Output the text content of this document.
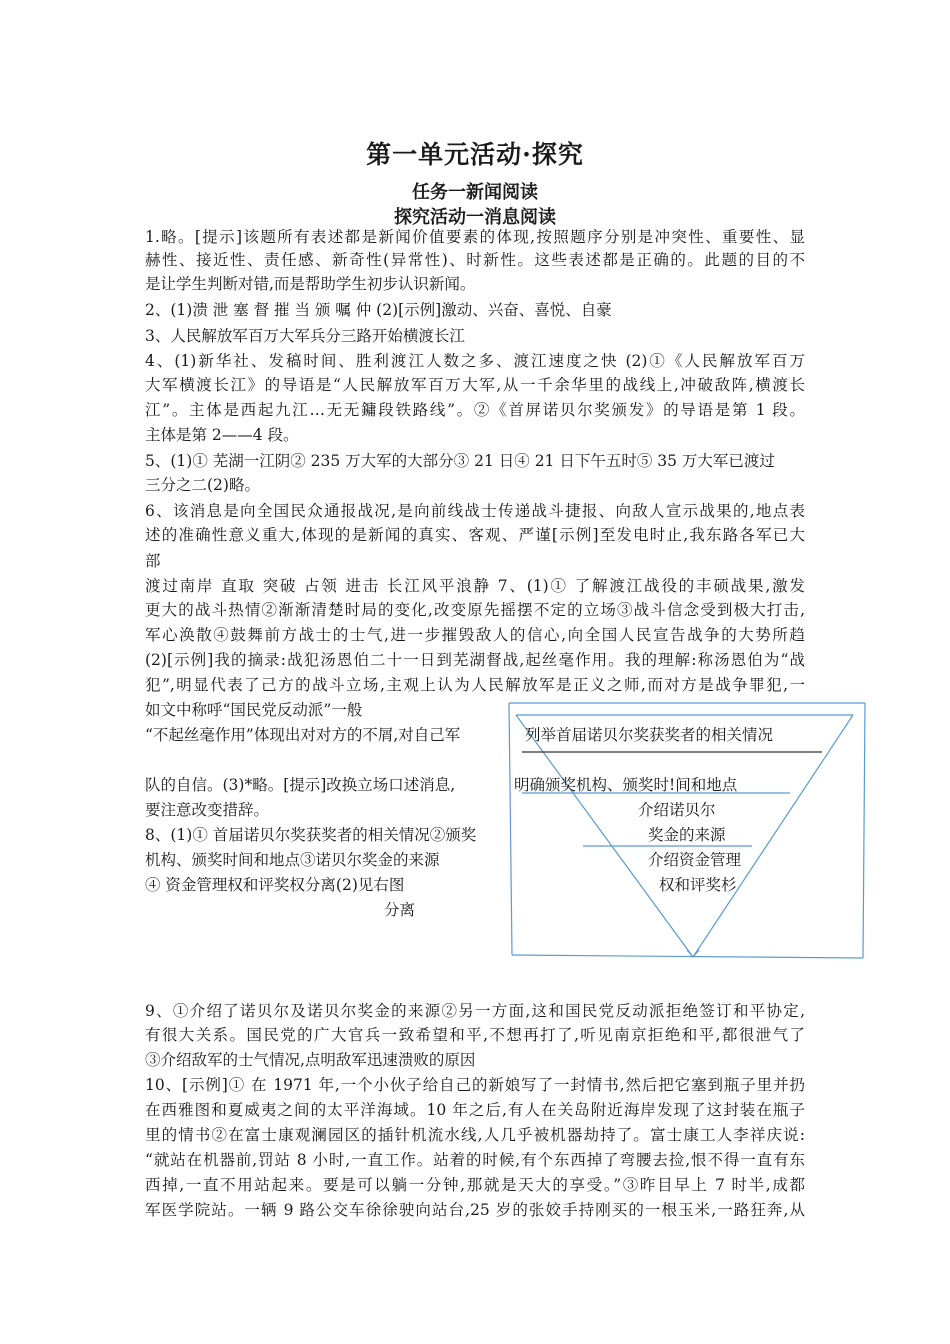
第一单元活动·探究
任务一新闻阅读
探究活动一消息阅读
1.略。[提示]该题所有表述都是新闻价值要素的体现,按照题序分别是冲突性、重要性、显
赫性、接近性、责任感、新奇性(异常性)、时新性。这些表述都是正确的。此题的目的不
是让学生判断对错,而是帮助学生初步认识新闻。
2、(1)溃 泄 塞 督 摧 当 颁 嘱 仲 (2)[示例]激动、兴奋、喜悦、自豪
3、人民解放军百万大军兵分三路开始横渡长江
4、(1)新华社、发稿时间、胜利渡江人数之多、渡江速度之快 (2)①《人民解放军百万
大军横渡长江》的导语是“人民解放军百万大军,从一千余华里的战线上,冲破敌阵,横渡长
江”。主体是西起九江…无无鏞段铁路线”。②《首屏诺贝尔奖颁发》的导语是第 1 段。
主体是第 2——4 段。
5、(1)① 芜湖一江阴② 235 万大军的大部分③ 21 日④ 21 日下午五时⑤ 35 万大军已渡过
三分之二(2)略。
6、该消息是向全国民众通报战况,是向前线战士传递战斗捷报、向敌人宣示战果的,地点表
述的准确性意义重大,体现的是新闻的真实、客观、严谨[示例]至发电时止,我东路各军已大
部
渡过南岸 直取 突破 占领 进击 长江风平浪静 7、(1)① 了解渡江战役的丰硕战果,激发
更大的战斗热情②渐渐清楚时局的变化,改变原先摇摆不定的立场③战斗信念受到极大打击,
军心涣散④鼓舞前方战士的士气,进一步摧毁敌人的信心,向全国人民宣告战争的大势所趋
(2)[示例]我的摘录:战犯汤恩伯二十一日到芜湖督战,起丝毫作用。我的理解:称汤恩伯为“战
犯”,明显代表了己方的战斗立场,主观上认为人民解放军是正义之师,而对方是战争罪犯,一
如文中称呼“国民党反动派”一般
“不起丝毫作用”体现出对对方的不屑,对自己军
队的自信。(3)*略。[提示]改换立场口述消息,
要注意改变措辞。
8、(1)① 首届诺贝尔奖获奖者的相关情况②颁奖
机构、颁奖时间和地点③诺贝尔奖金的来源
④ 资金管理权和评奖权分离(2)见右图
分离
9、①介绍了诺贝尔及诺贝尔奖金的来源②另一方面,这和国民党反动派拒绝签订和平协定,
有很大关系。国民党的广大官兵一致希望和平,不想再打了,听见南京拒绝和平,都很泄气了
③介绍敌军的士气情况,点明敌军迅速溃败的原因
10、[示例]① 在 1971 年,一个小伙子给自己的新娘写了一封情书,然后把它塞到瓶子里并扔
在西雅图和夏威夷之间的太平洋海域。10 年之后,有人在关岛附近海岸发现了这封装在瓶子
里的情书②在富士康观澜园区的插针机流水线,人几乎被机器劫持了。富士康工人李祥庆说:
“就站在机器前,罚站 8 小时,一直工作。站着的时候,有个东西掉了弯腰去捡,恨不得一直有东
西掉,一直不用站起来。要是可以躺一分钟,那就是天大的享受。”③昨目早上 7 时半,成都
军医学院站。一辆 9 路公交车徐徐驶向站台,25 岁的张姣手持刚买的一根玉米,一路狂奔,从
列举首届诺贝尔奖获奖者的相关情况
明确颁奖机构、颁奖时!间和地点
介绍诺贝尔
奖金的来源
介绍资金管理
权和评奖杉
